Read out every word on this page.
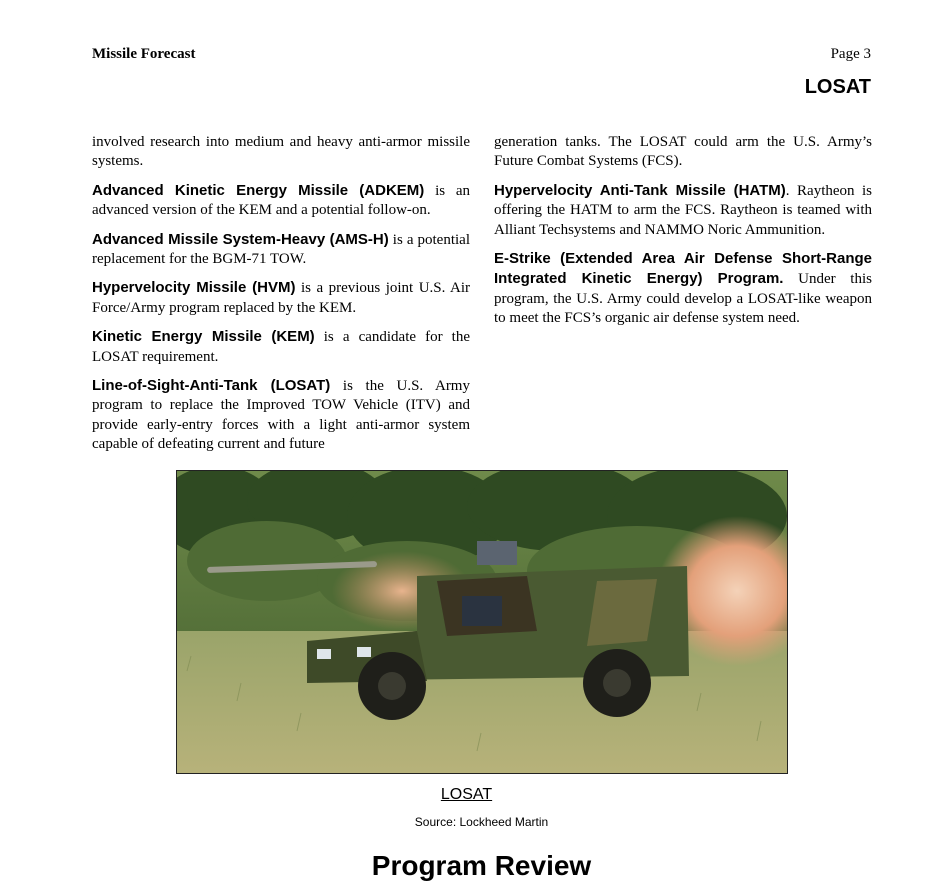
Missile Forecast	Page 3
LOSAT

involved research into medium and heavy anti-armor missile systems.

Advanced Kinetic Energy Missile (ADKEM) is an advanced version of the KEM and a potential follow-on.

Advanced Missile System-Heavy (AMS-H) is a potential replacement for the BGM-71 TOW.

Hypervelocity Missile (HVM) is a previous joint U.S. Air Force/Army program replaced by the KEM.

Kinetic Energy Missile (KEM) is a candidate for the LOSAT requirement.

Line-of-Sight-Anti-Tank (LOSAT) is the U.S. Army program to replace the Improved TOW Vehicle (ITV) and provide early-entry forces with a light anti-armor system capable of defeating current and future

generation tanks. The LOSAT could arm the U.S. Army’s Future Combat Systems (FCS).

Hypervelocity Anti-Tank Missile (HATM). Raytheon is offering the HATM to arm the FCS. Raytheon is teamed with Alliant Techsystems and NAMMO Noric Ammunition.

E-Strike (Extended Area Air Defense Short-Range Integrated Kinetic Energy) Program. Under this program, the U.S. Army could develop a LOSAT-like weapon to meet the FCS’s organic air defense system need.

LOSAT
Source: Lockheed Martin
Program Review
